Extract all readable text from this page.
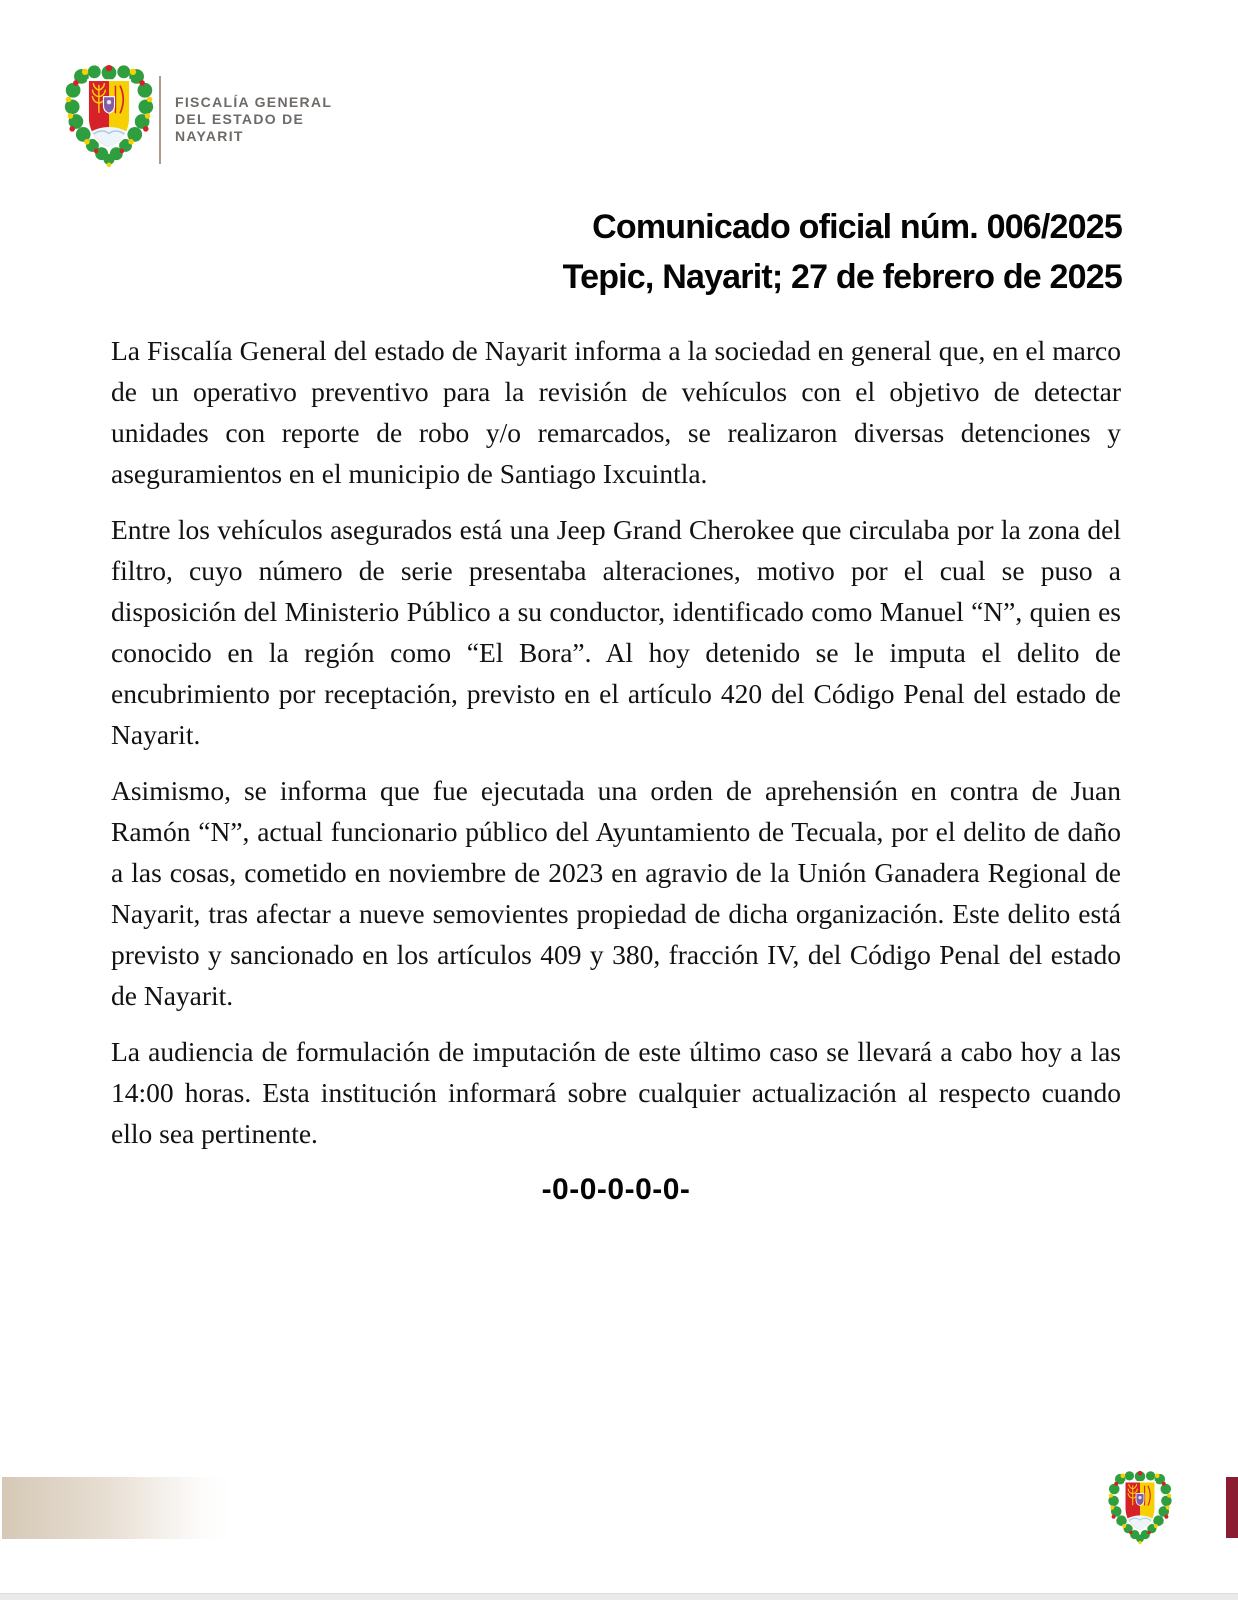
FISCALÍA GENERAL
DEL ESTADO DE
NAYARIT
Comunicado oficial núm. 006/2025
Tepic, Nayarit; 27 de febrero de 2025

La Fiscalía General del estado de Nayarit informa a la sociedad en general que, en el marco de un operativo preventivo para la revisión de vehículos con el objetivo de detectar unidades con reporte de robo y/o remarcados, se realizaron diversas detenciones y aseguramientos en el municipio de Santiago Ixcuintla.

Entre los vehículos asegurados está una Jeep Grand Cherokee que circulaba por la zona del filtro, cuyo número de serie presentaba alteraciones, motivo por el cual se puso a disposición del Ministerio Público a su conductor, identificado como Manuel “N”, quien es conocido en la región como “El Bora”. Al hoy detenido se le imputa el delito de encubrimiento por receptación, previsto en el artículo 420 del Código Penal del estado de Nayarit.

Asimismo, se informa que fue ejecutada una orden de aprehensión en contra de Juan Ramón “N”, actual funcionario público del Ayuntamiento de Tecuala, por el delito de daño a las cosas, cometido en noviembre de 2023 en agravio de la Unión Ganadera Regional de Nayarit, tras afectar a nueve semovientes propiedad de dicha organización. Este delito está previsto y sancionado en los artículos 409 y 380, fracción IV, del Código Penal del estado de Nayarit.

La audiencia de formulación de imputación de este último caso se llevará a cabo hoy a las 14:00 horas. Esta institución informará sobre cualquier actualización al respecto cuando ello sea pertinente.

-0-0-0-0-0-
